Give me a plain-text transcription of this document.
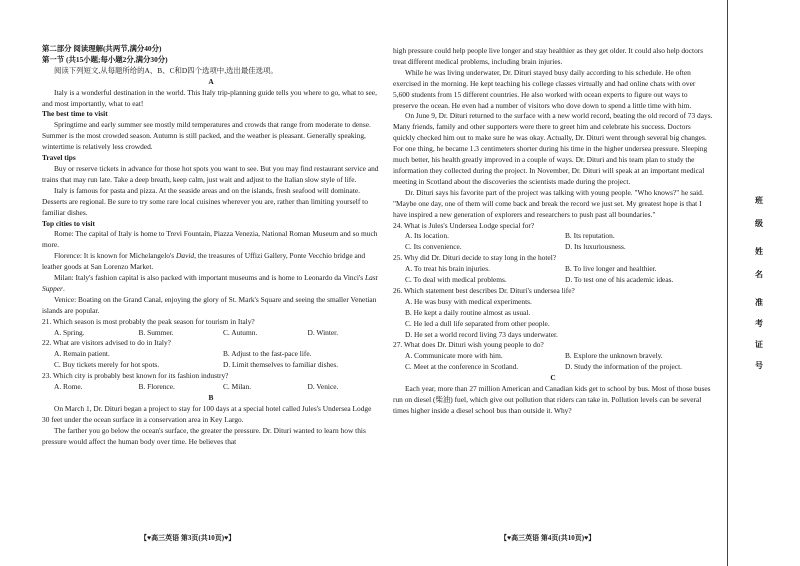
第二部分 阅读理解(共两节,满分40分)

第一节 (共15小题;每小题2分,满分30分)

阅读下列短文,从每题所给的A、B、C和D四个选项中,选出最佳选项。

A

Italy is a wonderful destination in the world. This Italy trip-planning guide tells you where to go, what to see, and most importantly, what to eat!

The best time to visit

Springtime and early summer see mostly mild temperatures and crowds that range from moderate to dense. Summer is the most crowded season. Autumn is still packed, and the weather is pleasant. Generally speaking, wintertime is relatively less crowded.

Travel tips

Buy or reserve tickets in advance for those hot spots you want to see. But you may find restaurant service and trains that may run late. Take a deep breath, keep calm, just wait and adjust to the Italian slow style of life.

Italy is famous for pasta and pizza. At the seaside areas and on the islands, fresh seafood will dominate. Desserts are regional. Be sure to try some rare local cuisines wherever you are, rather than limiting yourself to familiar dishes.

Top cities to visit

Rome: The capital of Italy is home to Trevi Fountain, Piazza Venezia, National Roman Museum and so much more.

Florence: It is known for Michelangelo's David, the treasures of Uffizi Gallery, Ponte Vecchio bridge and leather goods at San Lorenzo Market.

Milan: Italy's fashion capital is also packed with important museums and is home to Leonardo da Vinci's Last Supper.

Venice: Boating on the Grand Canal, enjoying the glory of St. Mark's Square and seeing the smaller Venetian islands are popular.

21. Which season is most probably the peak season for tourism in Italy?

A. Spring.	B. Summer.	C. Autumn.	D. Winter.

22. What are visitors advised to do in Italy?

A. Remain patient.	B. Adjust to the fast-pace life.
C. Buy tickets merely for hot spots.	D. Limit themselves to familiar dishes.

23. Which city is probably best known for its fashion industry?

A. Rome.	B. Florence.	C. Milan.	D. Venice.

B

On March 1, Dr. Dituri began a project to stay for 100 days at a special hotel called Jules's Undersea Lodge 30 feet under the ocean surface in a conservation area in Key Largo.

The farther you go below the ocean's surface, the greater the pressure. Dr. Dituri wanted to learn how this pressure would affect the human body over time. He believes that

high pressure could help people live longer and stay healthier as they get older. It could also help doctors treat different medical problems, including brain injuries.

While he was living underwater, Dr. Dituri stayed busy daily according to his schedule. He often exercised in the morning. He kept teaching his college classes virtually and had online chats with over 5,600 students from 15 different countries. He also worked with ocean experts to figure out ways to preserve the ocean. He even had a number of visitors who dove down to spend a little time with him.

On June 9, Dr. Dituri returned to the surface with a new world record, beating the old record of 73 days. Many friends, family and other supporters were there to greet him and celebrate his success. Doctors quickly checked him out to make sure he was okay. Actually, Dr. Dituri went through several big changes. For one thing, he became 1.3 centimeters shorter during his time in the higher undersea pressure. Sleeping much better, his health greatly improved in a couple of ways. Dr. Dituri and his team plan to study the information they collected during the project. In November, Dr. Dituri will speak at an important medical meeting in Scotland about the discoveries the scientists made during the project.

Dr. Dituri says his favorite part of the project was talking with young people. "Who knows?" he said. "Maybe one day, one of them will come back and break the record we just set. My greatest hope is that I have inspired a new generation of explorers and researchers to push past all boundaries."

24. What is Jules's Undersea Lodge special for?

A. Its location.	B. Its reputation.
C. Its convenience.	D. Its luxuriousness.

25. Why did Dr. Dituri decide to stay long in the hotel?

A. To treat his brain injuries.	B. To live longer and healthier.
C. To deal with medical problems.	D. To test one of his academic ideas.

26. Which statement best describes Dr. Dituri's undersea life?

A. He was busy with medical experiments.

B. He kept a daily routine almost as usual.

C. He led a dull life separated from other people.

D. He set a world record living 73 days underwater.

27. What does Dr. Dituri wish young people to do?

A. Communicate more with him.	B. Explore the unknown bravely.
C. Meet at the conference in Scotland.	D. Study the information of the project.

C

Each year, more than 27 million American and Canadian kids get to school by bus. Most of those buses run on diesel (柴油) fuel, which give out pollution that riders can take in. Pollution levels can be several times higher inside a diesel school bus than outside it. Why?

【♥高三英语 第3页(共10页)♥】	【♥高三英语 第4页(共10页)♥】
班
级
姓
名
准
考
证
号
